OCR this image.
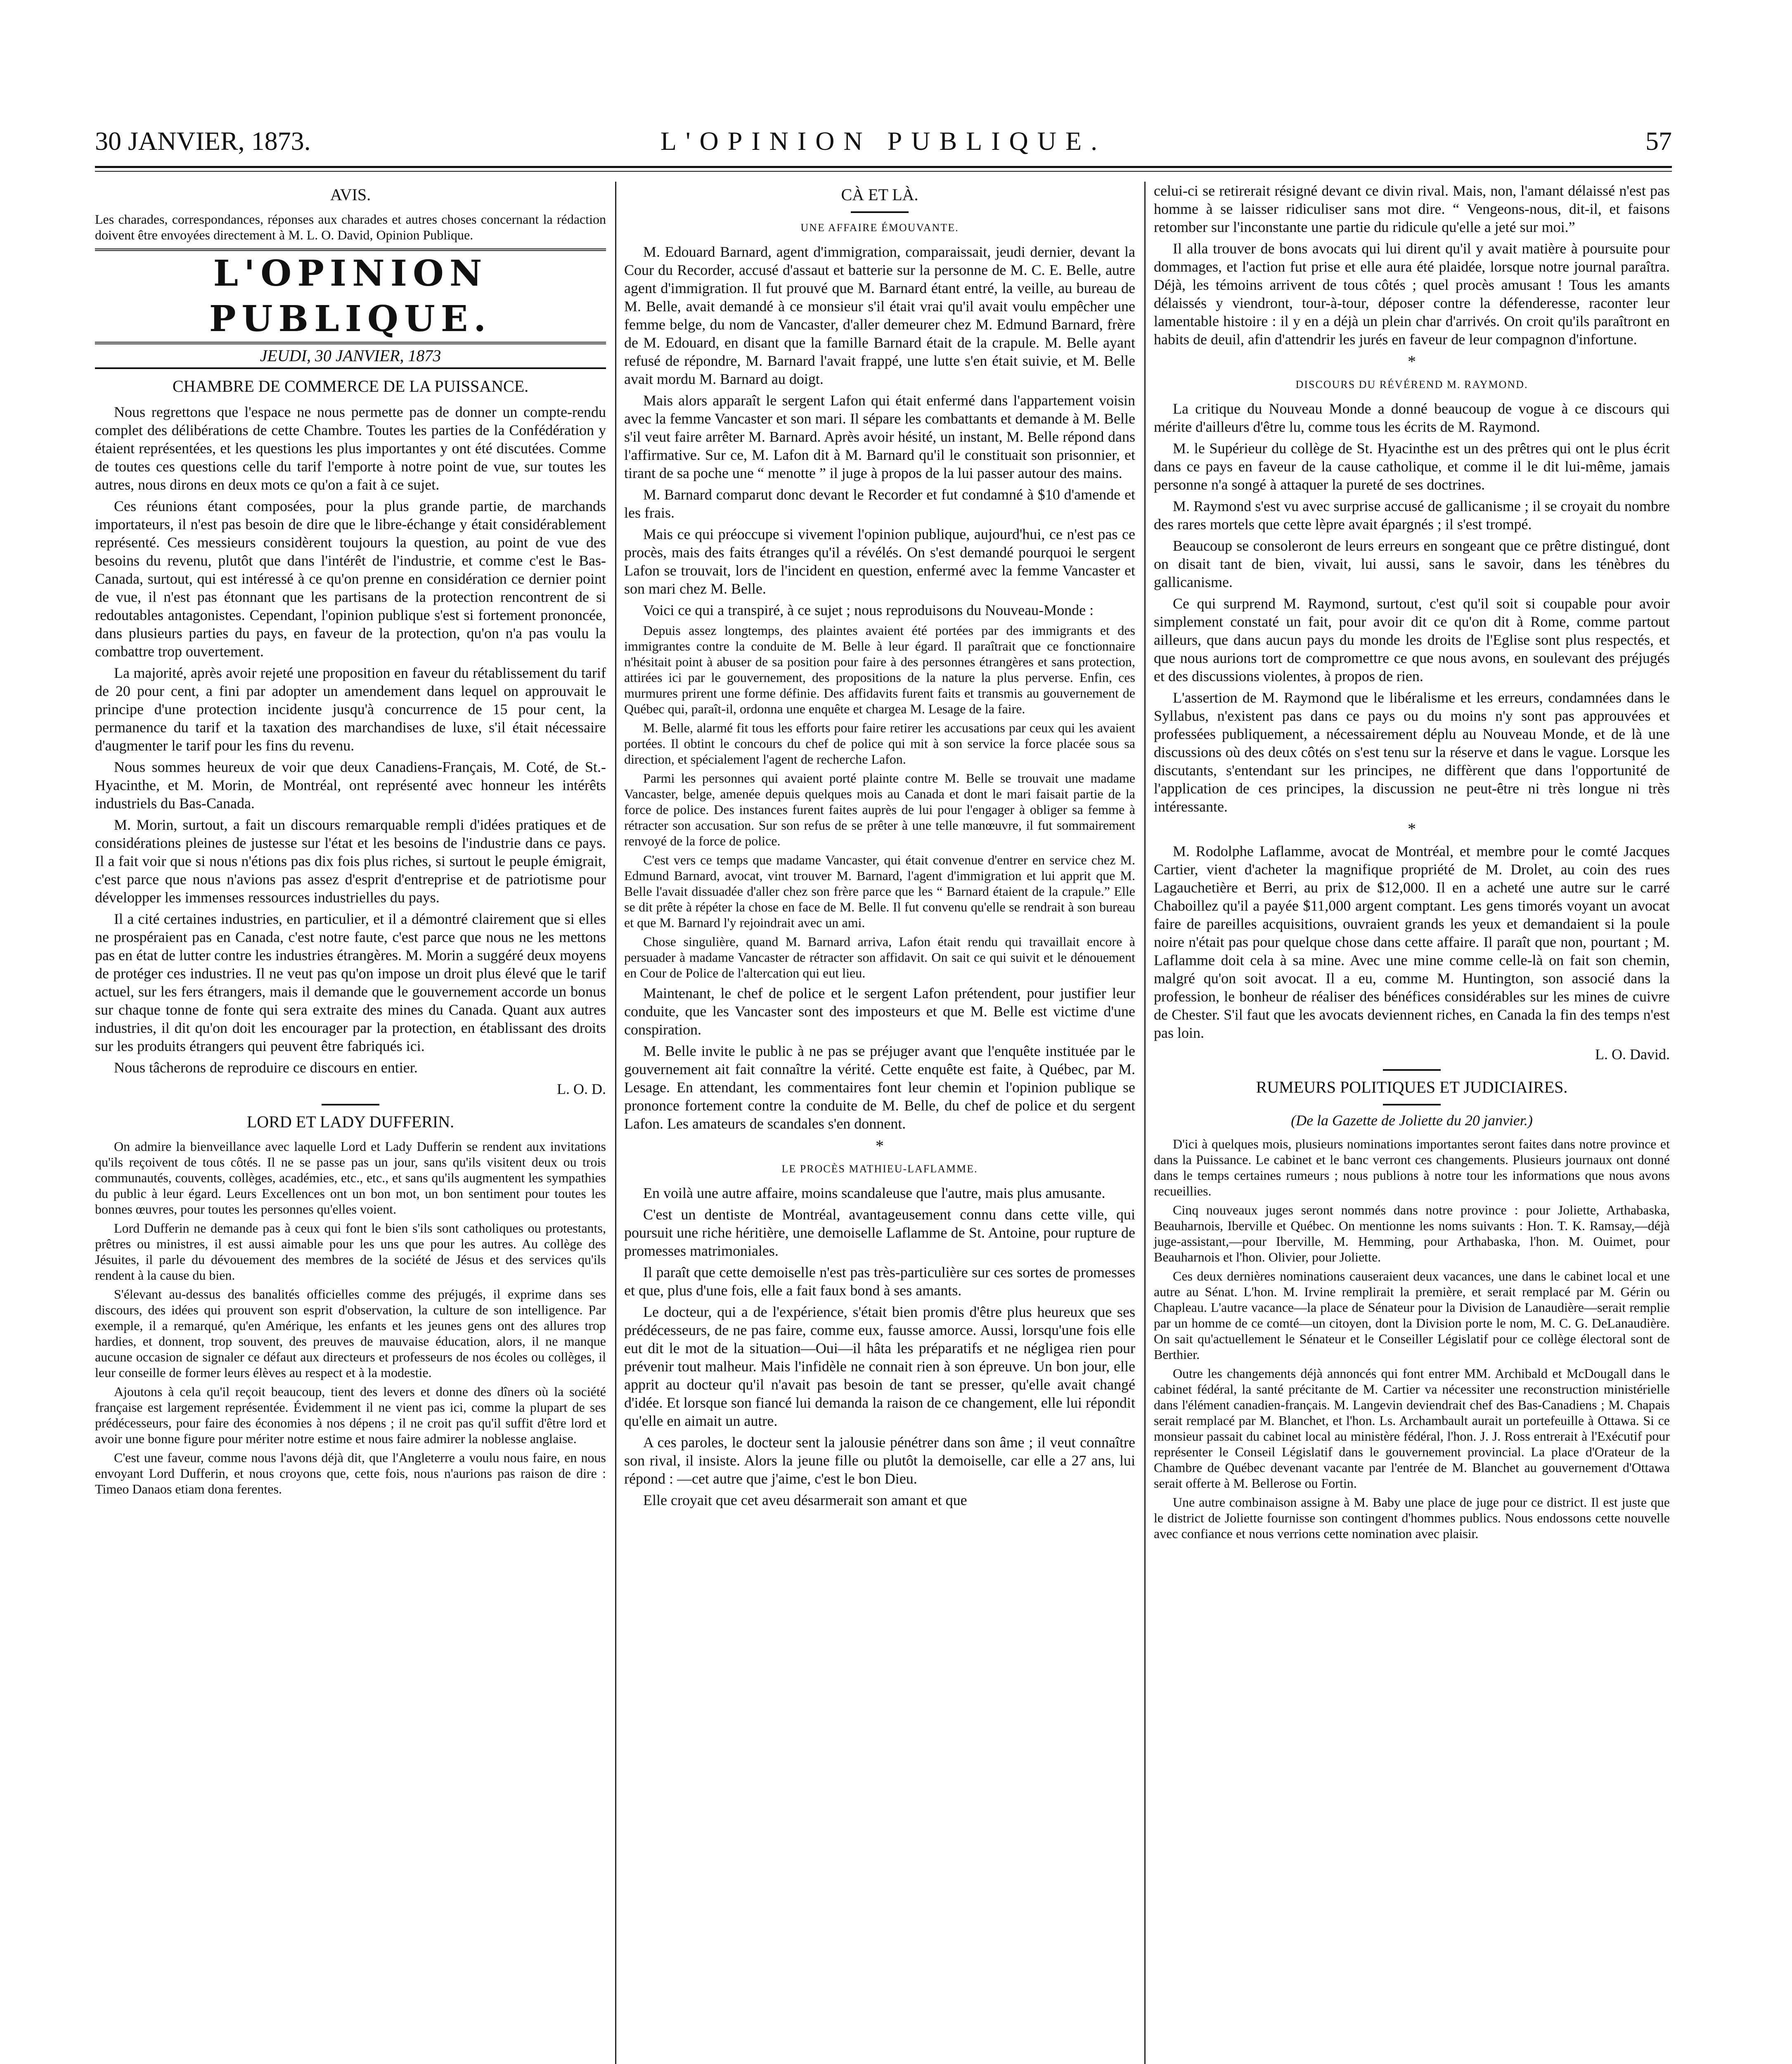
30 JANVIER, 1873.	L'OPINION PUBLIQUE.	57
AVIS.

Les charades, correspondances, réponses aux charades et autres choses concernant la rédaction doivent être envoyées directement à M. L. O. David, Opinion Publique.

L'OPINION PUBLIQUE.
JEUDI, 30 JANVIER, 1873
CHAMBRE DE COMMERCE DE LA PUISSANCE.

Nous regrettons que l'espace ne nous permette pas de donner un compte-rendu complet des délibérations de cette Chambre. Toutes les parties de la Confédération y étaient représentées, et les questions les plus importantes y ont été discutées. Comme de toutes ces questions celle du tarif l'emporte à notre point de vue, sur toutes les autres, nous dirons en deux mots ce qu'on a fait à ce sujet.

Ces réunions étant composées, pour la plus grande partie, de marchands importateurs, il n'est pas besoin de dire que le libre-échange y était considérablement représenté. Ces messieurs considèrent toujours la question, au point de vue des besoins du revenu, plutôt que dans l'intérêt de l'industrie, et comme c'est le Bas-Canada, surtout, qui est intéressé à ce qu'on prenne en considération ce dernier point de vue, il n'est pas étonnant que les partisans de la protection rencontrent de si redoutables antagonistes. Cependant, l'opinion publique s'est si fortement prononcée, dans plusieurs parties du pays, en faveur de la protection, qu'on n'a pas voulu la combattre trop ouvertement.

La majorité, après avoir rejeté une proposition en faveur du rétablissement du tarif de 20 pour cent, a fini par adopter un amendement dans lequel on approuvait le principe d'une protection incidente jusqu'à concurrence de 15 pour cent, la permanence du tarif et la taxation des marchandises de luxe, s'il était nécessaire d'augmenter le tarif pour les fins du revenu.

Nous sommes heureux de voir que deux Canadiens-Français, M. Coté, de St.-Hyacinthe, et M. Morin, de Montréal, ont représenté avec honneur les intérêts industriels du Bas-Canada.

M. Morin, surtout, a fait un discours remarquable rempli d'idées pratiques et de considérations pleines de justesse sur l'état et les besoins de l'industrie dans ce pays. Il a fait voir que si nous n'étions pas dix fois plus riches, si surtout le peuple émigrait, c'est parce que nous n'avions pas assez d'esprit d'entreprise et de patriotisme pour développer les immenses ressources industrielles du pays.

Il a cité certaines industries, en particulier, et il a démontré clairement que si elles ne prospéraient pas en Canada, c'est notre faute, c'est parce que nous ne les mettons pas en état de lutter contre les industries étrangères. M. Morin a suggéré deux moyens de protéger ces industries. Il ne veut pas qu'on impose un droit plus élevé que le tarif actuel, sur les fers étrangers, mais il demande que le gouvernement accorde un bonus sur chaque tonne de fonte qui sera extraite des mines du Canada. Quant aux autres industries, il dit qu'on doit les encourager par la protection, en établissant des droits sur les produits étrangers qui peuvent être fabriqués ici.

Nous tâcherons de reproduire ce discours en entier.

L. O. D.

LORD ET LADY DUFFERIN.

On admire la bienveillance avec laquelle Lord et Lady Dufferin se rendent aux invitations qu'ils reçoivent de tous côtés. Il ne se passe pas un jour, sans qu'ils visitent deux ou trois communautés, couvents, collèges, académies, etc., etc., et sans qu'ils augmentent les sympathies du public à leur égard. Leurs Excellences ont un bon mot, un bon sentiment pour toutes les bonnes œuvres, pour toutes les personnes qu'elles voient.

Lord Dufferin ne demande pas à ceux qui font le bien s'ils sont catholiques ou protestants, prêtres ou ministres, il est aussi aimable pour les uns que pour les autres. Au collège des Jésuites, il parle du dévouement des membres de la société de Jésus et des services qu'ils rendent à la cause du bien.

S'élevant au-dessus des banalités officielles comme des préjugés, il exprime dans ses discours, des idées qui prouvent son esprit d'observation, la culture de son intelligence. Par exemple, il a remarqué, qu'en Amérique, les enfants et les jeunes gens ont des allures trop hardies, et donnent, trop souvent, des preuves de mauvaise éducation, alors, il ne manque aucune occasion de signaler ce défaut aux directeurs et professeurs de nos écoles ou collèges, il leur conseille de former leurs élèves au respect et à la modestie.

Ajoutons à cela qu'il reçoit beaucoup, tient des levers et donne des dîners où la société française est largement représentée. Évidemment il ne vient pas ici, comme la plupart de ses prédécesseurs, pour faire des économies à nos dépens ; il ne croit pas qu'il suffit d'être lord et avoir une bonne figure pour mériter notre estime et nous faire admirer la noblesse anglaise.

C'est une faveur, comme nous l'avons déjà dit, que l'Angleterre a voulu nous faire, en nous envoyant Lord Dufferin, et nous croyons que, cette fois, nous n'aurions pas raison de dire : Timeo Danaos etiam dona ferentes.

CÀ ET LÀ.
UNE AFFAIRE ÉMOUVANTE.

M. Edouard Barnard, agent d'immigration, comparaissait, jeudi dernier, devant la Cour du Recorder, accusé d'assaut et batterie sur la personne de M. C. E. Belle, autre agent d'immigration. Il fut prouvé que M. Barnard étant entré, la veille, au bureau de M. Belle, avait demandé à ce monsieur s'il était vrai qu'il avait voulu empêcher une femme belge, du nom de Vancaster, d'aller demeurer chez M. Edmund Barnard, frère de M. Edouard, en disant que la famille Barnard était de la crapule. M. Belle ayant refusé de répondre, M. Barnard l'avait frappé, une lutte s'en était suivie, et M. Belle avait mordu M. Barnard au doigt.

Mais alors apparaît le sergent Lafon qui était enfermé dans l'appartement voisin avec la femme Vancaster et son mari. Il sépare les combattants et demande à M. Belle s'il veut faire arrêter M. Barnard. Après avoir hésité, un instant, M. Belle répond dans l'affirmative. Sur ce, M. Lafon dit à M. Barnard qu'il le constituait son prisonnier, et tirant de sa poche une “ menotte ” il juge à propos de la lui passer autour des mains.

M. Barnard comparut donc devant le Recorder et fut condamné à $10 d'amende et les frais.

Mais ce qui préoccupe si vivement l'opinion publique, aujourd'hui, ce n'est pas ce procès, mais des faits étranges qu'il a révélés. On s'est demandé pourquoi le sergent Lafon se trouvait, lors de l'incident en question, enfermé avec la femme Vancaster et son mari chez M. Belle.

Voici ce qui a transpiré, à ce sujet ; nous reproduisons du Nouveau-Monde :

Depuis assez longtemps, des plaintes avaient été portées par des immigrants et des immigrantes contre la conduite de M. Belle à leur égard. Il paraîtrait que ce fonctionnaire n'hésitait point à abuser de sa position pour faire à des personnes étrangères et sans protection, attirées ici par le gouvernement, des propositions de la nature la plus perverse. Enfin, ces murmures prirent une forme définie. Des affidavits furent faits et transmis au gouvernement de Québec qui, paraît-il, ordonna une enquête et chargea M. Lesage de la faire.

M. Belle, alarmé fit tous les efforts pour faire retirer les accusations par ceux qui les avaient portées. Il obtint le concours du chef de police qui mit à son service la force placée sous sa direction, et spécialement l'agent de recherche Lafon.

Parmi les personnes qui avaient porté plainte contre M. Belle se trouvait une madame Vancaster, belge, amenée depuis quelques mois au Canada et dont le mari faisait partie de la force de police. Des instances furent faites auprès de lui pour l'engager à obliger sa femme à rétracter son accusation. Sur son refus de se prêter à une telle manœuvre, il fut sommairement renvoyé de la force de police.

C'est vers ce temps que madame Vancaster, qui était convenue d'entrer en service chez M. Edmund Barnard, avocat, vint trouver M. Barnard, l'agent d'immigration et lui apprit que M. Belle l'avait dissuadée d'aller chez son frère parce que les “ Barnard étaient de la crapule.” Elle se dit prête à répéter la chose en face de M. Belle. Il fut convenu qu'elle se rendrait à son bureau et que M. Barnard l'y rejoindrait avec un ami.

Chose singulière, quand M. Barnard arriva, Lafon était rendu qui travaillait encore à persuader à madame Vancaster de rétracter son affidavit. On sait ce qui suivit et le dénouement en Cour de Police de l'altercation qui eut lieu.

Maintenant, le chef de police et le sergent Lafon prétendent, pour justifier leur conduite, que les Vancaster sont des imposteurs et que M. Belle est victime d'une conspiration.

M. Belle invite le public à ne pas se préjuger avant que l'enquête instituée par le gouvernement ait fait connaître la vérité. Cette enquête est faite, à Québec, par M. Lesage. En attendant, les commentaires font leur chemin et l'opinion publique se prononce fortement contre la conduite de M. Belle, du chef de police et du sergent Lafon. Les amateurs de scandales s'en donnent.

*
LE PROCÈS MATHIEU-LAFLAMME.

En voilà une autre affaire, moins scandaleuse que l'autre, mais plus amusante.

C'est un dentiste de Montréal, avantageusement connu dans cette ville, qui poursuit une riche héritière, une demoiselle Laflamme de St. Antoine, pour rupture de promesses matrimoniales.

Il paraît que cette demoiselle n'est pas très-particulière sur ces sortes de promesses et que, plus d'une fois, elle a fait faux bond à ses amants.

Le docteur, qui a de l'expérience, s'était bien promis d'être plus heureux que ses prédécesseurs, de ne pas faire, comme eux, fausse amorce. Aussi, lorsqu'une fois elle eut dit le mot de la situation—Oui—il hâta les préparatifs et ne négligea rien pour prévenir tout malheur. Mais l'infidèle ne connait rien à son épreuve. Un bon jour, elle apprit au docteur qu'il n'avait pas besoin de tant se presser, qu'elle avait changé d'idée. Et lorsque son fiancé lui demanda la raison de ce changement, elle lui répondit qu'elle en aimait un autre.

A ces paroles, le docteur sent la jalousie pénétrer dans son âme ; il veut connaître son rival, il insiste. Alors la jeune fille ou plutôt la demoiselle, car elle a 27 ans, lui répond : —cet autre que j'aime, c'est le bon Dieu.

Elle croyait que cet aveu désarmerait son amant et que

celui-ci se retirerait résigné devant ce divin rival. Mais, non, l'amant délaissé n'est pas homme à se laisser ridiculiser sans mot dire. “ Vengeons-nous, dit-il, et faisons retomber sur l'inconstante une partie du ridicule qu'elle a jeté sur moi.”

Il alla trouver de bons avocats qui lui dirent qu'il y avait matière à poursuite pour dommages, et l'action fut prise et elle aura été plaidée, lorsque notre journal paraîtra. Déjà, les témoins arrivent de tous côtés ; quel procès amusant ! Tous les amants délaissés y viendront, tour-à-tour, déposer contre la défenderesse, raconter leur lamentable histoire : il y en a déjà un plein char d'arrivés. On croit qu'ils paraîtront en habits de deuil, afin d'attendrir les jurés en faveur de leur compagnon d'infortune.

*
DISCOURS DU RÉVÉREND M. RAYMOND.

La critique du Nouveau Monde a donné beaucoup de vogue à ce discours qui mérite d'ailleurs d'être lu, comme tous les écrits de M. Raymond.

M. le Supérieur du collège de St. Hyacinthe est un des prêtres qui ont le plus écrit dans ce pays en faveur de la cause catholique, et comme il le dit lui-même, jamais personne n'a songé à attaquer la pureté de ses doctrines.

M. Raymond s'est vu avec surprise accusé de gallicanisme ; il se croyait du nombre des rares mortels que cette lèpre avait épargnés ; il s'est trompé.

Beaucoup se consoleront de leurs erreurs en songeant que ce prêtre distingué, dont on disait tant de bien, vivait, lui aussi, sans le savoir, dans les ténèbres du gallicanisme.

Ce qui surprend M. Raymond, surtout, c'est qu'il soit si coupable pour avoir simplement constaté un fait, pour avoir dit ce qu'on dit à Rome, comme partout ailleurs, que dans aucun pays du monde les droits de l'Eglise sont plus respectés, et que nous aurions tort de compromettre ce que nous avons, en soulevant des préjugés et des discussions violentes, à propos de rien.

L'assertion de M. Raymond que le libéralisme et les erreurs, condamnées dans le Syllabus, n'existent pas dans ce pays ou du moins n'y sont pas approuvées et professées publiquement, a nécessairement déplu au Nouveau Monde, et de là une discussions où des deux côtés on s'est tenu sur la réserve et dans le vague. Lorsque les discutants, s'entendant sur les principes, ne diffèrent que dans l'opportunité de l'application de ces principes, la discussion ne peut-être ni très longue ni très intéressante.

*

M. Rodolphe Laflamme, avocat de Montréal, et membre pour le comté Jacques Cartier, vient d'acheter la magnifique propriété de M. Drolet, au coin des rues Lagauchetière et Berri, au prix de $12,000. Il en a acheté une autre sur le carré Chaboillez qu'il a payée $11,000 argent comptant. Les gens timorés voyant un avocat faire de pareilles acquisitions, ouvraient grands les yeux et demandaient si la poule noire n'était pas pour quelque chose dans cette affaire. Il paraît que non, pourtant ; M. Laflamme doit cela à sa mine. Avec une mine comme celle-là on fait son chemin, malgré qu'on soit avocat. Il a eu, comme M. Huntington, son associé dans la profession, le bonheur de réaliser des bénéfices considérables sur les mines de cuivre de Chester. S'il faut que les avocats deviennent riches, en Canada la fin des temps n'est pas loin.

L. O. David.

RUMEURS POLITIQUES ET JUDICIAIRES.
(De la Gazette de Joliette du 20 janvier.)

D'ici à quelques mois, plusieurs nominations importantes seront faites dans notre province et dans la Puissance. Le cabinet et le banc verront ces changements. Plusieurs journaux ont donné dans le temps certaines rumeurs ; nous publions à notre tour les informations que nous avons recueillies.

Cinq nouveaux juges seront nommés dans notre province : pour Joliette, Arthabaska, Beauharnois, Iberville et Québec. On mentionne les noms suivants : Hon. T. K. Ramsay,—déjà juge-assistant,—pour Iberville, M. Hemming, pour Arthabaska, l'hon. M. Ouimet, pour Beauharnois et l'hon. Olivier, pour Joliette.

Ces deux dernières nominations causeraient deux vacances, une dans le cabinet local et une autre au Sénat. L'hon. M. Irvine remplirait la première, et serait remplacé par M. Gérin ou Chapleau. L'autre vacance—la place de Sénateur pour la Division de Lanaudière—serait remplie par un homme de ce comté—un citoyen, dont la Division porte le nom, M. C. G. DeLanaudière. On sait qu'actuellement le Sénateur et le Conseiller Législatif pour ce collège électoral sont de Berthier.

Outre les changements déjà annoncés qui font entrer MM. Archibald et McDougall dans le cabinet fédéral, la santé précitante de M. Cartier va nécessiter une reconstruction ministérielle dans l'élément canadien-français. M. Langevin deviendrait chef des Bas-Canadiens ; M. Chapais serait remplacé par M. Blanchet, et l'hon. Ls. Archambault aurait un portefeuille à Ottawa. Si ce monsieur passait du cabinet local au ministère fédéral, l'hon. J. J. Ross entrerait à l'Exécutif pour représenter le Conseil Législatif dans le gouvernement provincial. La place d'Orateur de la Chambre de Québec devenant vacante par l'entrée de M. Blanchet au gouvernement d'Ottawa serait offerte à M. Bellerose ou Fortin.

Une autre combinaison assigne à M. Baby une place de juge pour ce district. Il est juste que le district de Joliette fournisse son contingent d'hommes publics. Nous endossons cette nouvelle avec confiance et nous verrions cette nomination avec plaisir.
